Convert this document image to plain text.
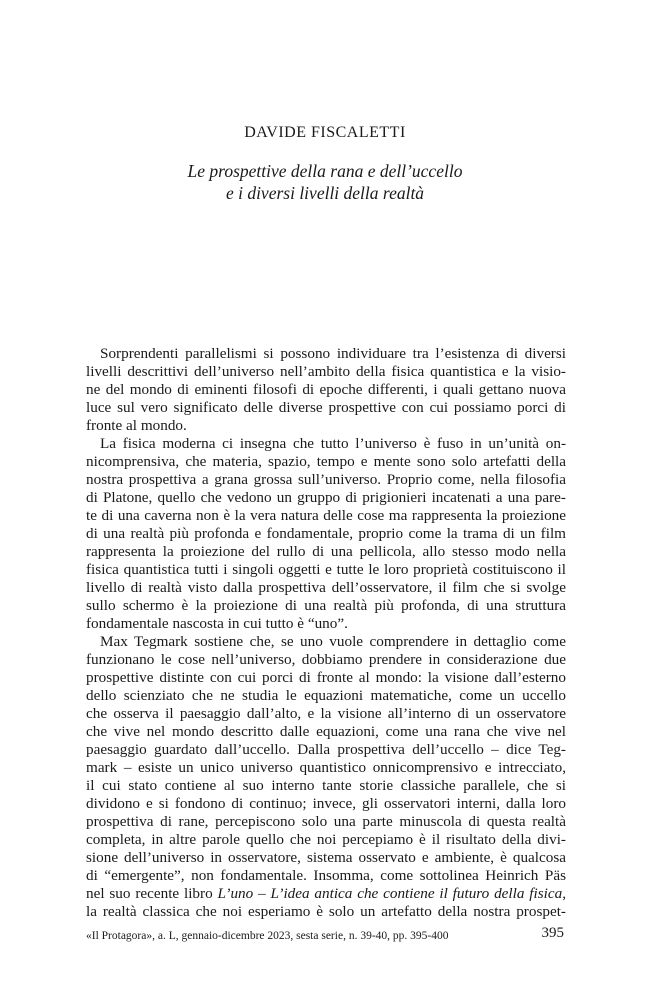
DAVIDE FISCALETTI
Le prospettive della rana e dell’uccello
e i diversi livelli della realtà
Sorprendenti parallelismi si possono individuare tra l’esistenza di diversi
livelli descrittivi dell’universo nell’ambito della fisica quantistica e la visio-
ne del mondo di eminenti filosofi di epoche differenti, i quali gettano nuova
luce sul vero significato delle diverse prospettive con cui possiamo porci di
fronte al mondo.
La fisica moderna ci insegna che tutto l’universo è fuso in un’unità on-
nicomprensiva, che materia, spazio, tempo e mente sono solo artefatti della
nostra prospettiva a grana grossa sull’universo. Proprio come, nella filosofia
di Platone, quello che vedono un gruppo di prigionieri incatenati a una pare-
te di una caverna non è la vera natura delle cose ma rappresenta la proiezione
di una realtà più profonda e fondamentale, proprio come la trama di un film
rappresenta la proiezione del rullo di una pellicola, allo stesso modo nella
fisica quantistica tutti i singoli oggetti e tutte le loro proprietà costituiscono il
livello di realtà visto dalla prospettiva dell’osservatore, il film che si svolge
sullo schermo è la proiezione di una realtà più profonda, di una struttura
fondamentale nascosta in cui tutto è “uno”.
Max Tegmark sostiene che, se uno vuole comprendere in dettaglio come
funzionano le cose nell’universo, dobbiamo prendere in considerazione due
prospettive distinte con cui porci di fronte al mondo: la visione dall’esterno
dello scienziato che ne studia le equazioni matematiche, come un uccello
che osserva il paesaggio dall’alto, e la visione all’interno di un osservatore
che vive nel mondo descritto dalle equazioni, come una rana che vive nel
paesaggio guardato dall’uccello. Dalla prospettiva dell’uccello – dice Teg-
mark – esiste un unico universo quantistico onnicomprensivo e intrecciato,
il cui stato contiene al suo interno tante storie classiche parallele, che si
dividono e si fondono di continuo; invece, gli osservatori interni, dalla loro
prospettiva di rane, percepiscono solo una parte minuscola di questa realtà
completa, in altre parole quello che noi percepiamo è il risultato della divi-
sione dell’universo in osservatore, sistema osservato e ambiente, è qualcosa
di “emergente”, non fondamentale. Insomma, come sottolinea Heinrich Päs
nel suo recente libro L’uno – L’idea antica che contiene il futuro della fisica,
la realtà classica che noi esperiamo è solo un artefatto della nostra prospet-
«Il Protagora», a. L, gennaio-dicembre 2023, sesta serie, n. 39-40, pp. 395-400	395
